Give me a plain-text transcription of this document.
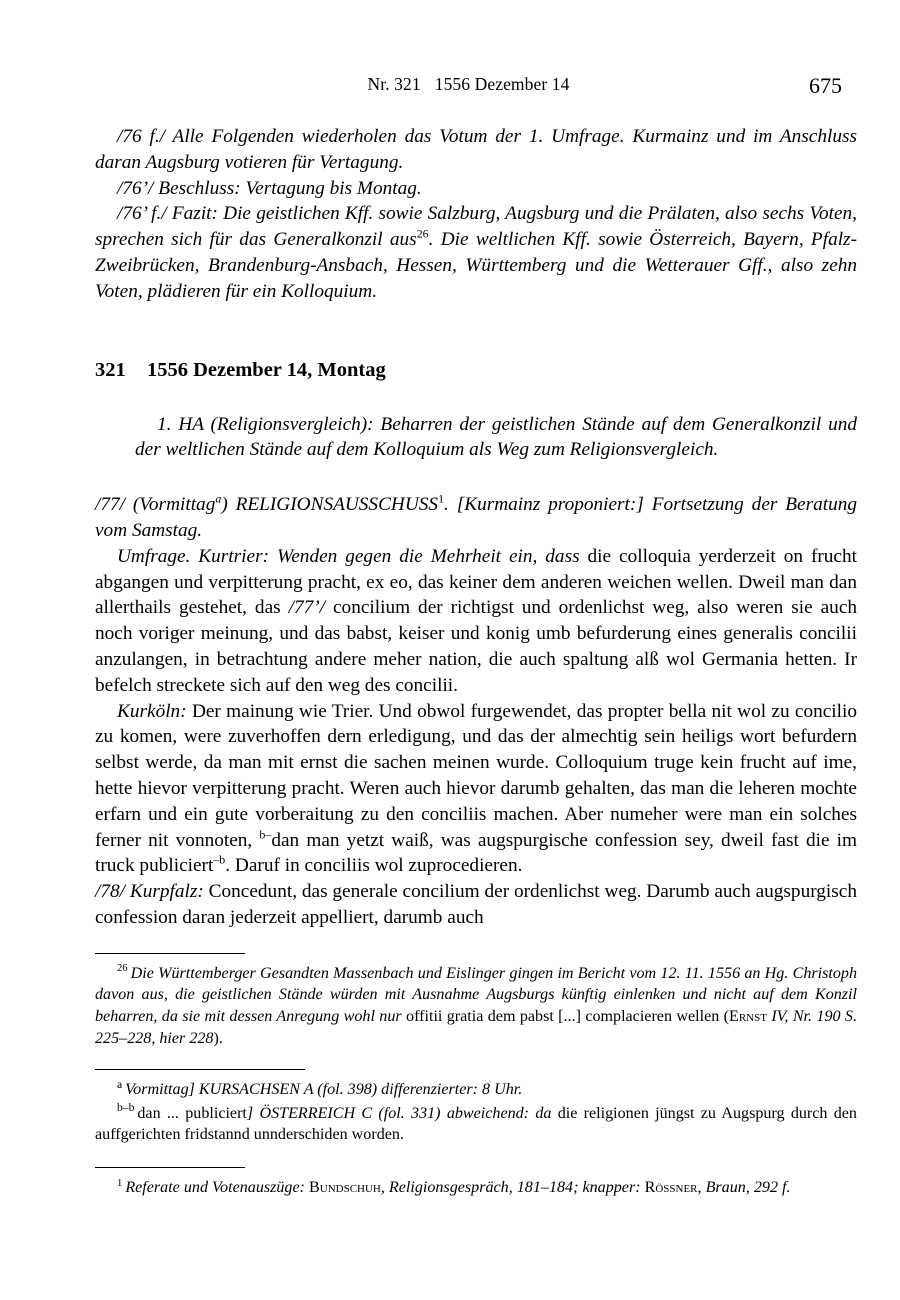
Nr. 321 1556 Dezember 14	675

/76 f./ Alle Folgenden wiederholen das Votum der 1. Umfrage. Kurmainz und im Anschluss daran Augsburg votieren für Vertagung.

/76’/ Beschluss: Vertagung bis Montag.

/76’ f./ Fazit: Die geistlichen Kff. sowie Salzburg, Augsburg und die Prälaten, also sechs Voten, sprechen sich für das Generalkonzil aus$^{26}$. Die weltlichen Kff. sowie Österreich, Bayern, Pfalz-Zweibrücken, Brandenburg-Ansbach, Hessen, Württemberg und die Wetterauer Gff., also zehn Voten, plädieren für ein Kolloquium.

321	1556 Dezember 14, Montag

1. HA (Religionsvergleich): Beharren der geistlichen Stände auf dem Generalkonzil und der weltlichen Stände auf dem Kolloquium als Weg zum Religionsvergleich.

/77/ (Vormittag$^a$) RELIGIONSAUSSCHUSS$^1$. [Kurmainz proponiert:] Fortsetzung der Beratung vom Samstag.

Umfrage. Kurtrier: Wenden gegen die Mehrheit ein, dass die colloquia yerderzeit on frucht abgangen und verpitterung pracht, ex eo, das keiner dem anderen weichen wellen. Dweil man dan allerthails gestehet, das /77’/ concilium der richtigst und ordenlichst weg, also weren sie auch noch voriger meinung, und das babst, keiser und konig umb befurderung eines generalis concilii anzulangen, in betrachtung andere meher nation, die auch spaltung alß wol Germania hetten. Ir befelch streckete sich auf den weg des concilii.

Kurköln: Der mainung wie Trier. Und obwol furgewendet, das propter bella nit wol zu concilio zu komen, were zuverhoffen dern erledigung, und das der almechtig sein heiligs wort befurdern selbst werde, da man mit ernst die sachen meinen wurde. Colloquium truge kein frucht auf ime, hette hievor verpitterung pracht. Weren auch hievor darumb gehalten, das man die leheren mochte erfarn und ein gute vorberaitung zu den conciliis machen. Aber numeher were man ein solches ferner nit vonnoten, $^{b-}$dan man yetzt waiß, was augspurgische confession sey, dweil fast die im truck publiciert$^{-b}$. Daruf in conciliis wol zuprocedieren.

/78/ Kurpfalz: Concedunt, das generale concilium der ordenlichst weg. Darumb auch augspurgisch confession daran jederzeit appelliert, darumb auch

$^{26}$ Die Württemberger Gesandten Massenbach und Eislinger gingen im Bericht vom 12. 11. 1556 an Hg. Christoph davon aus, die geistlichen Stände würden mit Ausnahme Augsburgs künftig einlenken und nicht auf dem Konzil beharren, da sie mit dessen Anregung wohl nur offitii gratia dem pabst [...] complacieren wellen (Ernst IV, Nr. 190 S. 225–228, hier 228).

$^a$ Vormittag] KURSACHSEN A (fol. 398) differenzierter: 8 Uhr.

$^{b-b}$ dan ... publiciert] ÖSTERREICH C (fol. 331) abweichend: da die religionen jüngst zu Augspurg durch den auffgerichten fridstannd unnderschiden worden.

$^1$ Referate und Votenauszüge: Bundschuh, Religionsgespräch, 181–184; knapper: Rössner, Braun, 292 f.
